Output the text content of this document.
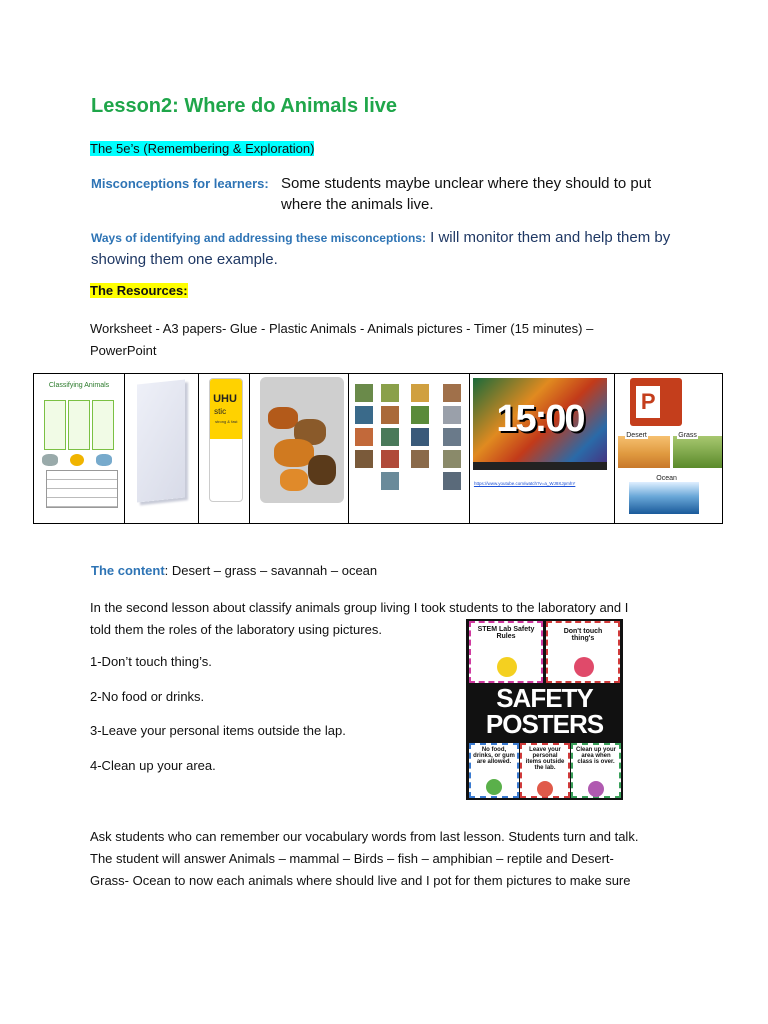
Lesson2: Where do Animals live
The 5e’s (Remembering & Exploration)
Misconceptions for learners: Some students maybe unclear where they should to put
where the animals live.
Ways of identifying and addressing these misconceptions: I will monitor them and help them by
showing them one example.
The Resources:
Worksheet - A3 papers- Glue - Plastic Animals - Animals pictures - Timer (15 minutes) –
PowerPoint
Classifying Animals
UHU
stic
strong & fast	15:00
https://www.youtube.com/watch?v=a_WJ9XJpmhY
P
Desert	Grass
Ocean
The content: Desert – grass – savannah – ocean
In the second lesson about classify animals group living I took students to the laboratory and I
told them the roles of the laboratory using pictures.
1-Don’t touch thing’s.
2-No food or drinks.
3-Leave your personal items outside the lap.
4-Clean up your area.
STEM Lab Safety Rules
Don't touch thing's
SAFETY
POSTERS
No food, drinks, or gum are allowed.
Leave your personal items outside the lab.
Clean up your area when class is over.
Ask students who can remember our vocabulary words from last lesson. Students turn and talk.
The student will answer Animals – mammal – Birds – fish – amphibian – reptile and Desert-
Grass- Ocean to now each animals where should live and I pot for them pictures to make sure
